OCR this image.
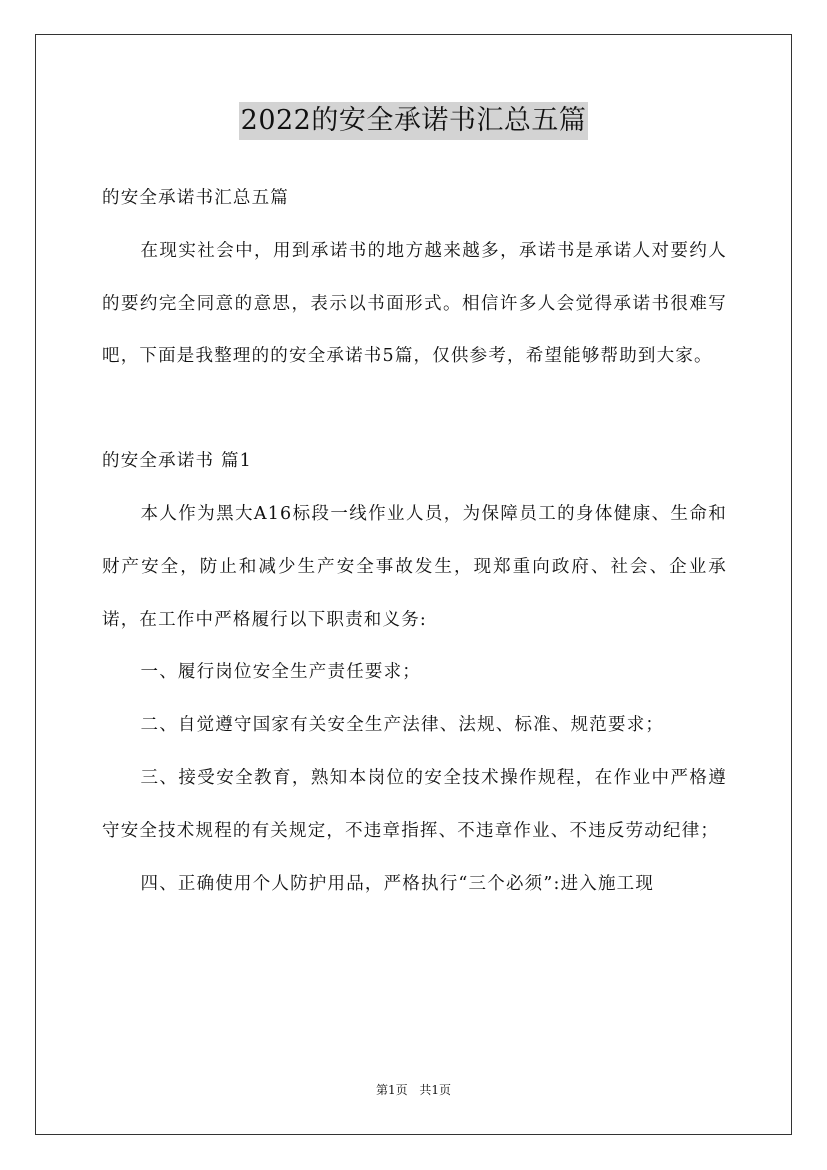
2022的安全承诺书汇总五篇

的安全承诺书汇总五篇

在现实社会中，用到承诺书的地方越来越多，承诺书是承诺人对要约人的要约完全同意的意思，表示以书面形式。相信许多人会觉得承诺书很难写吧，下面是我整理的的安全承诺书5篇，仅供参考，希望能够帮助到大家。

的安全承诺书 篇1

本人作为黑大A16标段一线作业人员，为保障员工的身体健康、生命和财产安全，防止和减少生产安全事故发生，现郑重向政府、社会、企业承诺，在工作中严格履行以下职责和义务:

一、履行岗位安全生产责任要求；

二、自觉遵守国家有关安全生产法律、法规、标准、规范要求；

三、接受安全教育，熟知本岗位的安全技术操作规程，在作业中严格遵守安全技术规程的有关规定，不违章指挥、不违章作业、不违反劳动纪律；

四、正确使用个人防护用品，严格执行“三个必须”:进入施工现

第1页 共1页
